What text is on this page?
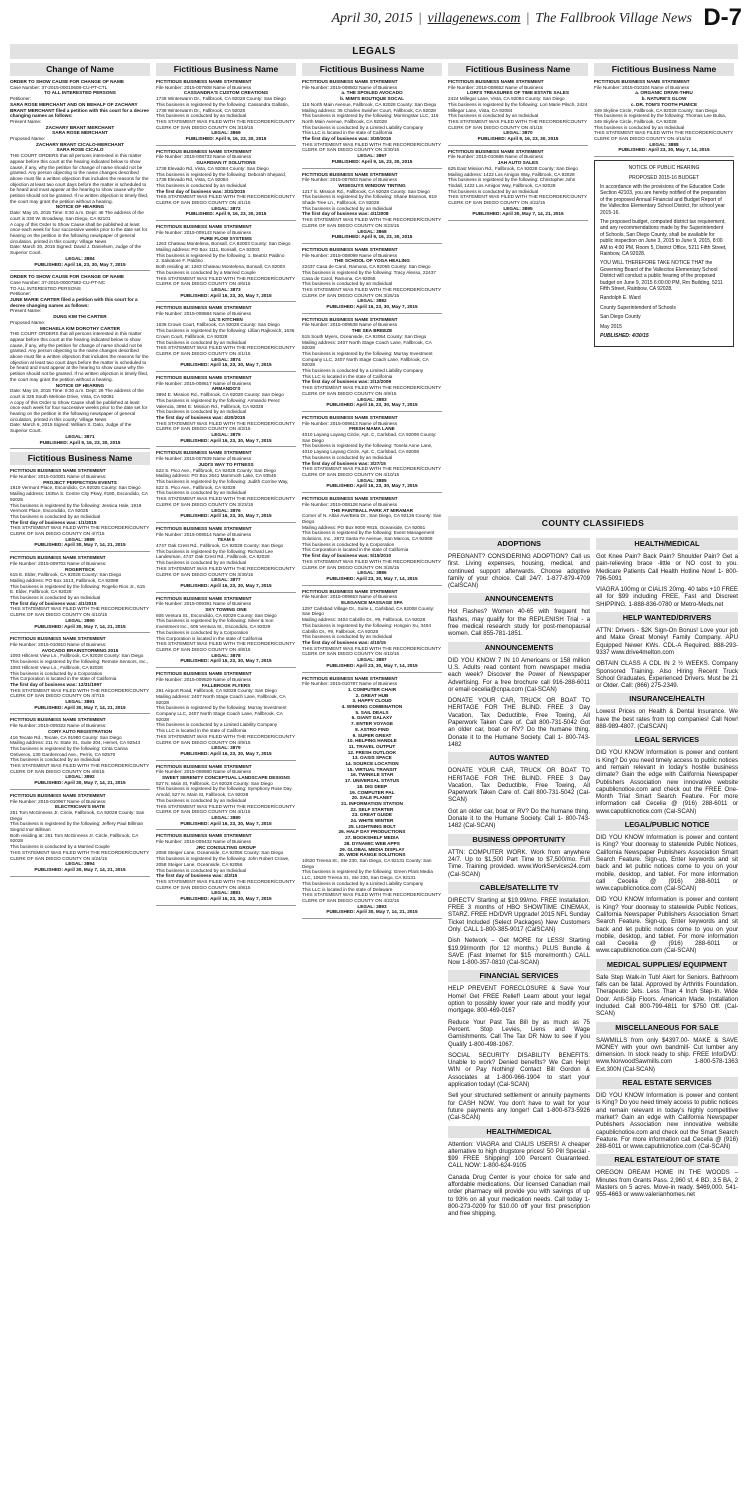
April 30, 2015 | villagenews.com | The Fallbrook Village News D-7
LEGALS
Change of Name

ORDER TO SHOW CAUSE FOR CHANGE OF NAME

Case Number: 37-2015-00010608-CU-PT-CTL

TO ALL INTERESTED PERSONS

Petitioner:

SARA ROSE MERCHANT AND ON BEHALF OF ZACHARY BRANT MERCHANT filed a petition with this court for a decree changing names as follows:

Present Name:

ZACHARY BRANT MERCHANT

SARA ROSE MERCHANT

Proposed Name:

ZACHARY BRANT CICALO-MERCHANT

SARA ROSE CICALO

THE COURT ORDERS that all persons interested in this matter appear before this court at the hearing indicated below to show cause, if any, why the petition for change of name should not be granted. Any person objecting to the name changes described above must file a written objection that includes the reasons for the objection at least two court days before the matter is scheduled to be heard and must appear at the hearing to show cause why the petition should not be granted. If no written objection is timely filed, the court may grant the petition without a hearing.

NOTICE OF HEARING

Date: May 15, 2015 Time: 8:30 a.m. Dept: 46 The address of the court is 330 W. Broadway, San Diego, CA 92101

A copy of this Order to Show Cause shall be published at least once each week for four successive weeks prior to the date set for hearing on the petition in the following newspaper of general circulation, printed in this county: Village News

Date: March 30, 2015 Signed: David J. Danielsen, Judge of the Superior Court.

LEGAL: 3884

PUBLISHED: April 16, 23, 30, May 7, 2015

ORDER TO SHOW CAUSE FOR CHANGE OF NAME

Case Number: 37-2015-00007582-CU-PT-NC

TO ALL INTERESTED PERSONS

Petitioner:

JUNE MARIE CARTER filed a petition with this court for a decree changing names as follows:

Present Name:

DUNG KIM THI CARTER

Proposed Name:

MICHAELA KIM DOROTHY CARTER

THE COURT ORDERS that all persons interested in this matter appear before this court at the hearing indicated below to show cause, if any, why the petition for change of name should not be granted. Any person objecting to the name changes described above must file a written objection that includes the reasons for the objection at least two court days before the matter is scheduled to be heard and must appear at the hearing to show cause why the petition should not be granted. If no written objection is timely filed, the court may grant the petition without a hearing.

NOTICE OF HEARING

Date: May 19, 2015 Time: 8:30 a.m. Dept: 26 The address of the court is 325 South Melrose Drive, Vista, CA 92081

A copy of this Order to Show Cause shall be published at least once each week for four successive weeks prior to the date set for hearing on the petition in the following newspaper of general circulation, printed in this county: Village News

Date: March 6, 2015 Signed: William S. Dato, Judge of the Superior Court.

LEGAL: 3871

PUBLISHED: April 9, 16, 23, 30, 2015

Fictitious Business Name

FICTITIOUS BUSINESS NAME STATEMENT

File Number: 2015-010001 Name of Business:

PROJECT PERFECTION EVENTS

1919 Vermont Place, Escondido, CA 92025 County: San Diego

Mailing address: 1835A S. Centre City Pkwy, #190, Escondido, CA 92025

This business is registered by the following: Jessica Hale, 1919 Vermont Place, Escondido, CA 92025

This business is conducted by an Individual

The first day of business was: 1/1/2015

THIS STATEMENT WAS FILED WITH THE RECORDER/COUNTY CLERK OF SAN DIEGO COUNTY ON 4/7/15

LEGAL: 3889

PUBLISHED: April 30, May 7, 14, 21, 2015

FICTITIOUS BUSINESS NAME STATEMENT

File Number: 2015-009702 Name of Business:

ROGERTECK

615 E. Elder, Fallbrook, CA 92028 County: San Diego

Mailing address: PO Box 1613, Fallbrook, CA 92088

This business is registered by the following: Rogelio Rios Jr., 615 E. Elder, Fallbrook, CA 92028

This business is conducted by an Individual

The first day of business was: 4/1/2015

THIS STATEMENT WAS FILED WITH THE RECORDER/COUNTY CLERK OF SAN DIEGO COUNTY ON 4/10/15

LEGAL: 3890

PUBLISHED: April 30, May 7, 14, 21, 2015

FICTITIOUS BUSINESS NAME STATEMENT

File Number: 2015-010910 Name of Business:

AVOCADO BRAINSTORMING 2015

1093 Hillcrest View Ln., Fallbrook, CA 92028 County: San Diego

This business is registered by the following: Remote Sensors, Inc., 1093 Hillcrest View Ln., Fallbrook, CA 92028

This business is conducted by a Corporation

This Corporation is located in the state of California

The first day of business was: 12/31/1997

THIS STATEMENT WAS FILED WITH THE RECORDER/COUNTY CLERK OF SAN DIEGO COUNTY ON 4/7/15

LEGAL: 3891

PUBLISHED: April 30, May 7, 14, 21, 2015

FICTITIOUS BUSINESS NAME STATEMENT

File Number: 2015-009322 Name of Business:

CORY AUTO REGISTRATION

416 Tecate Rd., Tecate, CA 91980 County: San Diego

Mailing address: 211 N. State St., Suite 204, Hemet, CA 92543

This business is registered by the following: Cinta Carina Ontiveros, 130 Gardenroad Ave., Perris, CA 92570

This business is conducted by an Individual

THIS STATEMENT WAS FILED WITH THE RECORDER/COUNTY CLERK OF SAN DIEGO COUNTY ON 4/8/15

LEGAL: 3892

PUBLISHED: April 30, May 7, 14, 21, 2015

FICTITIOUS BUSINESS NAME STATEMENT

File Number: 2015-010967 Name of Business:

ELECTRICIAN'S MATE

251 Tom McGinness Jr. Circle, Fallbrook, CA 92028 County: San Diego

This business is registered by the following: Jeffery Paul Billman

Siegrid Inor Billman

Both residing at: 251 Tom McGinness Jr. Circle, Fallbrook, CA 92028

This business is conducted by a Married Couple

THIS STATEMENT WAS FILED WITH THE RECORDER/COUNTY CLERK OF SAN DIEGO COUNTY ON 4/24/15

LEGAL: 3894

PUBLISHED: April 30, May 7, 14, 21, 2015

Fictitious Business Name

FICTITIOUS BUSINESS NAME STATEMENT

File Number: 2015-007608 Name of Business

CASSANDRA'S CUSTOM CREATIONS

1738 Winterwarm Dr., Fallbrook, CA 92028 County: San Diego

This business is registered by the following: Cassandra Gallatin, 1738 Winterwarm Dr., Fallbrook, CA 92028

This business is conducted by an Individual

THIS STATEMENT WAS FILED WITH THE RECORDER/COUNTY CLERK OF SAN DIEGO COUNTY ON 3/19/15

LEGAL: 3869

PUBLISHED: April 9, 16, 23, 30, 2015

FICTITIOUS BUSINESS NAME STATEMENT

File Number: 2015-008733 Name of Business

GUARDIAN IT SOLUTIONS

1738 Elevado Rd, Vista, CA 92084 County: San Diego

This business is registered by the following: Deborah Shepard, 1738 Elevado Rd, Vista, CA 92084

This business is conducted by an Individual

The first day of business was: 3/31/2015

THIS STATEMENT WAS FILED WITH THE RECORDER/COUNTY CLERK OF SAN DIEGO COUNTY ON 4/1/15

LEGAL: 3872

PUBLISHED: April 9, 16, 23, 30, 2015

FICTITIOUS BUSINESS NAME STATEMENT

File Number: 2015-009143 Name of Business

PURE FLOW SYSTEMS

1263 Chateau Montelena, Bonsall, CA 92003 County: San Diego

Mailing address: PO Box 1111, Bonsall, CA 92003

This business is registered by the following: 1. Beatriz Paldino

2. Salvatore F. Paldino

Both residing at: 1263 Chateau Montelena, Bonsall, CA 92003

This business is conducted by a Married Couple

THIS STATEMENT WAS FILED WITH THE RECORDER/COUNTY CLERK OF SAN DIEGO COUNTY ON 4/6/15

LEGAL: 3873

PUBLISHED: April 16, 23, 30, May 7, 2015

FICTITIOUS BUSINESS NAME STATEMENT

File Number: 2015-008684 Name of Business

LIL'S KITCHEN

1636 Crown Court, Fallbrook, CA 92028 County: San Diego

This business is registered by the following: Lillian Rajkovich, 1636 Crown Court, Fallbrook, CA 92028

This business is conducted by an Individual

THIS STATEMENT WAS FILED WITH THE RECORDER/COUNTY CLERK OF SAN DIEGO COUNTY ON 4/1/15

LEGAL: 3874

PUBLISHED: April 16, 23, 30, May 7, 2015

FICTITIOUS BUSINESS NAME STATEMENT

File Number: 2015-008617 Name of Business

ARMANDO'S

3894 E. Mission Rd., Fallbrook, CA 92028 County: San Diego

This business is registered by the following: Armando Perez Valencia, 3894 E. Mission Rd., Fallbrook, CA 92028

This business is conducted by an Individual

The first day of business was: 4/20/2015

THIS STATEMENT WAS FILED WITH THE RECORDER/COUNTY CLERK OF SAN DIEGO COUNTY ON 4/2/15

LEGAL: 3875

PUBLISHED: April 16, 23, 30, May 7, 2015

FICTITIOUS BUSINESS NAME STATEMENT

File Number: 2015-007839 Name of Business

JUDI'S WAY TO FITNESS

522 S. Pico Ave., Fallbrook, CA 92028 County: San Diego

Mailing address: PO Box 2641 Mammoth Lake, CA 93546

This business is registered by the following: Judith Corrine Way, 522 S. Pico Ave., Fallbrook, CA 92028

This business is conducted by an Individual

THIS STATEMENT WAS FILED WITH THE RECORDER/COUNTY CLERK OF SAN DIEGO COUNTY ON 3/23/15

LEGAL: 3876

PUBLISHED: April 16, 23, 30, May 7, 2015

FICTITIOUS BUSINESS NAME STATEMENT

File Number: 2015-008514 Name of Business

TEAM 5

4747 Oak Crest Rd., Fallbrook, CA 92028 County: San Diego

This business is registered by the following: Richard Lee Landesman, 4747 Oak Crest Rd., Fallbrook, CA 92028

This business is conducted by an Individual

THIS STATEMENT WAS FILED WITH THE RECORDER/COUNTY CLERK OF SAN DIEGO COUNTY ON 3/30/15

LEGAL: 3877

PUBLISHED: April 16, 23, 30, May 7, 2015

FICTITIOUS BUSINESS NAME STATEMENT

File Number: 2015-009391 Name of Business

SKY TOWING ONE

605 Ventura St., Escondido, CA 92029 County: San Diego

This business is registered by the following: Silver & Son Investment Inc., 605 Ventura St., Escondido, CA 92029

This business is conducted by a Corporation

This Corporation is located in the state of California

THIS STATEMENT WAS FILED WITH THE RECORDER/COUNTY CLERK OF SAN DIEGO COUNTY ON 4/8/15

LEGAL: 3878

PUBLISHED: April 16, 23, 30, May 7, 2015

FICTITIOUS BUSINESS NAME STATEMENT

File Number: 2015-009529 Name of Business

FALLBROOK FLYERS

291 Airport Road, Fallbrook, CA 92028 County: San Diego

Mailing address: 2407 North Stage Coach Lane, Fallbrook, CA 92028

This business is registered by the following: Murray Investment Company LLC, 2407 North Stage Coach Lane, Fallbrook, CA 92028

This business is conducted by a Limited Liability Company

This LLC is located in the state of California

THIS STATEMENT WAS FILED WITH THE RECORDER/COUNTY CLERK OF SAN DIEGO COUNTY ON 4/9/15

LEGAL: 3879

PUBLISHED: April 16, 23, 30, May 7, 2015

FICTITIOUS BUSINESS NAME STATEMENT

File Number: 2015-008680 Name of Business

SWEET SERENITY CONCEPTUAL LANDSCAPE DESIGNS

527 N. Main St, Fallbrook, CA 92028 County: San Diego

This business is registered by the following: Symphony Rose Day Arnold, 527 N. Main St, Fallbrook, CA 92028

This business is conducted by an Individual

THIS STATEMENT WAS FILED WITH THE RECORDER/COUNTY CLERK OF SAN DIEGO COUNTY ON 4/1/15

LEGAL: 3880

PUBLISHED: April 16, 23, 30, May 7, 2015

FICTITIOUS BUSINESS NAME STATEMENT

File Number: 2015-009432 Name of Business

JRC CONSULTING GROUP

2058 Steiger Lane, Oceanside, CA 92056 County: San Diego

This business is registered by the following: John Robert Crowe, 2058 Steiger Lane, Oceanside, CA 92056

This business is conducted by an Individual

The first day of business was: 4/3/15

THIS STATEMENT WAS FILED WITH THE RECORDER/COUNTY CLERK OF SAN DIEGO COUNTY ON 4/8/15

LEGAL: 3881

PUBLISHED: April 16, 23, 30, May 7, 2015

Fictitious Business Name

FICTITIOUS BUSINESS NAME STATEMENT

File Number: 2015-008502 Name of Business

a. THE SPOILED AVOCADO

b. MIMI'S BOUTIQUE SOCAL

116 North Main Avenue, Fallbrook, CA 92028 County: San Diego

Mailing address: 35 Charles Swisher Court, Fallbrook, CA 92028

This business is registered by the following: Morningstar LLC, 116 North Main Avenue, Fallbrook, CA 92028

This business is conducted by a Limited Liability Company

This LLC is located in the state of California

The first day of business was: 3/30/2015

THIS STATEMENT WAS FILED WITH THE RECORDER/COUNTY CLERK OF SAN DIEGO COUNTY ON 3/30/15

LEGAL: 3867

PUBLISHED: April 9, 16, 23, 30, 2015

FICTITIOUS BUSINESS NAME STATEMENT

File Number: 2015-007603 Name of Business

WISEGUYS WINDOW TINTING

1217 S. Mission Rd., Fallbrook, CA 92028 County: San Diego

This business is registered by the following: Shane Brannon, 819 Shade Tree Ln., Fallbrook, CA 92028

This business is conducted by an Individual

The first day of business was: 4/1/2008

THIS STATEMENT WAS FILED WITH THE RECORDER/COUNTY CLERK OF SAN DIEGO COUNTY ON 3/23/15

LEGAL: 3868

PUBLISHED: April 9, 16, 23, 30, 2015

FICTITIOUS BUSINESS NAME STATEMENT

File Number: 2015-008099 Name of Business

THE SCHOOL OF YOGA HEALING

22437 Casa de Carol, Ramona, CA 92065 County: San Diego

This business is registered by the following: Tracy Alesso, 22437 Casa de Carol, Ramona, CA 92065

This business is conducted by an Individual

THIS STATEMENT WAS FILED WITH THE RECORDER/COUNTY CLERK OF SAN DIEGO COUNTY ON 3/25/15

LEGAL: 3882

PUBLISHED: April 16, 23, 30, May 7, 2015

FICTITIOUS BUSINESS NAME STATEMENT

File Number: 2015-009538 Name of Business

THE SEA BREEZE

515 South Myers, Oceanside, CA 92054 County: San Diego

Mailing address: 2407 North Stage Coach Lane, Fallbrook, CA 92028

This business is registered by the following: Murray Investment Company LLC, 2407 North Stage Coach Lane, Fallbrook, CA 92028

This business is conducted by a Limited Liability Company

This LLC is located in the state of California

The first day of business was: 2/12/2009

THIS STATEMENT WAS FILED WITH THE RECORDER/COUNTY CLERK OF SAN DIEGO COUNTY ON 4/9/15

LEGAL: 3883

PUBLISHED: April 16, 23, 30, May 7, 2015

FICTITIOUS BUSINESS NAME STATEMENT

File Number: 2015-009613 Name of Business

FRESH MAMA LANE

4010 Layang Layang Circle, Apt. C, Carlsbad, CA 92008 County: San Diego

This business is registered by the following: Tonela Anne Lane, 4010 Layang Layang Circle, Apt. C, Carlsbad, CA 92008

This business is conducted by an Individual

The first day of business was: 3/27/15

THIS STATEMENT WAS FILED WITH THE RECORDER/COUNTY CLERK OF SAN DIEGO COUNTY ON 4/10/15

LEGAL: 3885

PUBLISHED: April 16, 23, 30, May 7, 2015

FICTITIOUS BUSINESS NAME STATEMENT

File Number: 2015-008128 Name of Business

THE PAINTBALL PARK AT MIRAMAR

Corner of N. Altair Ave/Beta Dr., San Diego, CA 92126 County: San Diego

Mailing address: PO Box 9000 #815, Oceanside, CA 92051

This business is registered by the following: Event Management Solutions, Inc., 2872 Santa Fe Avenue, San Marcos, CA 92069

This business is conducted by a Corporation

This Corporation is located in the state of California

The first day of business was: 5/15/2010

THIS STATEMENT WAS FILED WITH THE RECORDER/COUNTY CLERK OF SAN DIEGO COUNTY ON 3/25/15

LEGAL: 3886

PUBLISHED: April 23, 30, May 7, 14, 2015

FICTITIOUS BUSINESS NAME STATEMENT

File Number: 2015-009653 Name of Business

ELEGANCE MASSAGE SPA

1297 Carlsbad Village Dr., Suite L, Carlsbad, CA 92008 County: San Diego

Mailing address: 3404 Cabrillo Dr., #9, Fallbrook, CA 92028

This business is registered by the following: Hongxin Xu, 3404 Cabrillo Dr., #9, Fallbrook, CA 92028

This business is conducted by an Individual

The first day of business was: 4/10/15

THIS STATEMENT WAS FILED WITH THE RECORDER/COUNTY CLERK OF SAN DIEGO COUNTY ON 4/10/15

LEGAL: 3887

PUBLISHED: April 23, 30, May 7, 14, 2015

FICTITIOUS BUSINESS NAME STATEMENT

File Number: 2015-010787 Name of Business

1. COMPUTER CHAIR

2. GREAT HUB

3. HAPPY CLOUD

4. WINNING COMBINATION

5. SAIL DEALS

6. GIANT GALAXY

7. ENTER VOYAGE

8. ASTRO FIND

9. SUPER GREAT

10. HELPING HANDLE

11. TRAVEL OUTPUT

12. FRESH OUTLOOK

13. OASIS SPACE

14. SOURCE LOCATION

15. VIRTUAL TRANSIT

16. TWINKLE STAR

17. UNIVERSAL STATUS

18. DIG DEEP

19. COMPUTER PAL

20. SALE PLANET

21. INFORMATION STATION

22. SELF STARTER

23. GREAT GUIDE

24. WHITE WINTER

25. LIGHTNING BOLT

26. HALF DAY PRODUCTIONS

27. BOOKSHELF MEDIA

28. DYNAMIC WEB APPS

29. GLOBAL MEDIA DISPLAY

30. WIDE RANGE SOLUTIONS

10620 Treena St., Ste 230, San Diego, CA 92131 County: San Diego

This business is registered by the following: Green Plant Media LLC, 10620 Treena St., Ste 230, San Diego, CA 92131

This business is conducted by a Limited Liability Company

This LLC is located in the state of Delaware

THIS STATEMENT WAS FILED WITH THE RECORDER/COUNTY CLERK OF SAN DIEGO COUNTY ON 4/22/15

LEGAL: 3893

PUBLISHED: April 30, May 7, 14, 21, 2015

Fictitious Business Name

FICTITIOUS BUSINESS NAME STATEMENT

File Number: 2015-008652 Name of Business

LORI'S TREASURES OF TIME ESTATE SALES

2424 Millegar Lane, Vista, CA 92084 County: San Diego

This business is registered by the following: Lori Marie Pilsch, 2424 Millegar Lane, Vista, CA 92084

This business is conducted by an Individual

THIS STATEMENT WAS FILED WITH THE RECORDER/COUNTY CLERK OF SAN DIEGO COUNTY ON 4/1/15

LEGAL: 3870

PUBLISHED: April 9, 16, 23, 30, 2015

FICTITIOUS BUSINESS NAME STATEMENT

File Number: 2015-010686 Name of Business

JAH AUTO SALES

625 East Mission Rd., Fallbrook, CA 92028 County: San Diego

Mailing address: 1422 Los Amigos Way, Fallbrook, CA 92028

This business is registered by the following: Christopher John Tindall, 1422 Los Amigos Way, Fallbrook, CA 92028

This business is conducted by an Individual

THIS STATEMENT WAS FILED WITH THE RECORDER/COUNTY CLERK OF SAN DIEGO COUNTY ON 4/22/15

LEGAL: 3895

PUBLISHED: April 30, May 7, 14, 21, 2015

Fictitious Business Name

FICTITIOUS BUSINESS NAME STATEMENT

File Number: 2015-010104 Name of Business

a. ORGANIC DRIVE-THRU

b. NATURE'S GLOW

c. DR. TOM'S TOOTH PUMICE

349 Skyline Circle, Fallbrook, CA 92028 County: San Diego

This business is registered by the following: Thomas Lee Bulsa, 349 Skyline Circle, Fallbrook, CA 92028

This business is conducted by an Individual

THIS STATEMENT WAS FILED WITH THE RECORDER/COUNTY CLERK OF SAN DIEGO COUNTY ON 4/16/15

LEGAL: 3888

PUBLISHED: April 23, 30, May 7, 14, 2015

NOTICE OF PUBLIC HEARING

PROPOSED 2015-16 BUDGET

In accordance with the provisions of the Education Code Section 42103, you are hereby notified of the preparation of the proposed Annual Financial and Budget Report of the Vallecitos Elementary School District, for school year 2015-16.

The proposed budget, computed district tax requirement, and any recommendations made by the Superintendent of Schools, San Diego County, shall be available for public inspection on June 3, 2015 to June 9, 2015, 8:00 AM to 4:00 PM, Room 5, District Office, 5211 Fifth Street, Rainbow, CA 92028.

YOU WILL THEREFORE TAKE NOTICE THAT the Governing Board of the Vallecitos Elementary School District will conduct a public hearing of the proposed budget on June 9, 2015 6:00:00 PM, Rm Building, 5211 Fifth Street, Rainbow, CA 92028.

Randolph E. Ward

County Superintendent of Schools

San Diego County

May 2015

PUBLISHED: 4/30/15

COUNTY CLASSIFIEDS
ADOPTIONS

PREGNANT? CONSIDERING ADOPTION? Call us first. Living expenses, housing, medical, and continued support afterwards. Choose adoptive family of your choice. Call 24/7. 1-877-879-4709 (CalSCAN)

ANNOUNCEMENTS

Hot Flashes? Women 40-65 with frequent hot flashes, may qualify for the REPLENISH Trial - a free medical research study for post-menopausal women. Call 855-781-1851.

ANNOUNCEMENTS

DID YOU KNOW 7 IN 10 Americans or 158 million U.S. Adults read content from newspaper media each week? Discover the Power of Newspaper Advertising. For a free brochure call 916-288-6011 or email cecelia@cnpa.com (Cal-SCAN)

DONATE YOUR CAR, TRUCK OR BOAT TO HERITAGE FOR THE BLIND. FREE 3 Day Vacation, Tax Deductible, Free Towing, All Paperwork Taken Care of. Call 800-731-5042 Got an older car, boat or RV? Do the humane thing. Donate it to the Humane Society. Call 1- 800-743-1482

AUTOS WANTED

DONATE YOUR CAR, TRUCK OR BOAT TO HERITAGE FOR THE BLIND. FREE 3 Day Vacation, Tax Deductible, Free Towing, All Paperwork Taken Care of. Call 800-731-5042 (Cal-SCAN)

Got an older car, boat or RV? Do the humane thing. Donate it to the Humane Society. Call 1- 800-743-1482 (Cal-SCAN)

BUSINESS OPPORTUNITY

ATTN: COMPUTER WORK. Work from anywhere 24/7. Up to $1,500 Part Time to $7,500/mo. Full Time. Training provided. www.WorkServices24.com (Cal-SCAN)

CABLE/SATELLITE TV

DIRECTV Starting at $19.99/mo. FREE Installation. FREE 3 months of HBO SHOWTIME CINEMAX, STARZ. FREE HD/DVR Upgrade! 2015 NFL Sunday Ticket Included (Select Packages) New Customers Only. CALL 1-800-385-9017 (CalSCAN)

Dish Network – Get MORE for LESS! Starting $19.99/month (for 12 months.) PLUS Bundle & SAVE (Fast Internet for $15 more/month.) CALL Now 1-800-357-0810 (Cal-SCAN)

FINANCIAL SERVICES

HELP PREVENT FORECLOSURE & Save Your Home! Get FREE Relief! Learn about your legal option to possibly lower your rate and modify your mortgage. 800-469-0167

Reduce Your Past Tax Bill by as much as 75 Percent. Stop Levies, Liens and Wage Garnishments. Call The Tax DR Now to see if you Qualify 1-800-498-1067.

SOCIAL SECURITY DISABILITY BENEFITS. Unable to work? Denied benefits? We Can Help! WIN or Pay Nothing! Contact Bill Gordon & Associates at 1-800-966-1904 to start your application today! (Cal-SCAN)

Sell your structured settlement or annuity payments for CASH NOW. You don't have to wait for your future payments any longer! Call 1-800-673-5926 (Cal-SCAN)

HEALTH/MEDICAL

Attention: VIAGRA and CIALIS USERS! A cheaper alternative to high drugstore prices! 50 Pill Special - $99 FREE Shipping! 100 Percent Guaranteed. CALL NOW: 1-800-624-9105

Canada Drug Center is your choice for safe and affordable medications. Our licensed Canadian mail order pharmacy will provide you with savings of up to 93% on all your medication needs. Call today 1-800-273-0209 for $10.00 off your first prescription and free shipping.

HEALTH/MEDICAL

Got Knee Pain? Back Pain? Shoulder Pain? Get a pain-relieving brace -little or NO cost to you. Medicare Patients Call Health Hotline Now! 1- 800-796-5091

VIAGRA 100mg or CIALIS 20mg. 40 tabs +10 FREE all for $99 including FREE, Fast and Discreet SHIPPING. 1-888-836-0780 or Metro-Meds.net

HELP WANTED/DRIVERS

ATTN: Drivers - $2K Sign-On Bonus! Love your job and Make Great Money! Family Company. APU Equipped Newer KWs. CDL-A Required. 888-293-9337 www.drive4melton.com

OBTAIN CLASS A CDL IN 2 ½ WEEKS. Company Sponsored Training. Also Hiring Recent Truck School Graduates, Experienced Drivers. Must be 21 or Older. Call: (866) 275-2349.

INSURANCE/HEALTH

Lowest Prices on Health & Dental Insurance. We have the best rates from top companies! Call Now! 888-989-4807. (CalSCAN)

LEGAL SERVICES

DID YOU KNOW Information is power and content is King? Do you need timely access to public notices and remain relevant in today's hostile business climate? Gain the edge with California Newspaper Publishers Association new innovative website capublicnotice.com and check out the FREE One-Month Trial Smart Search Feature. For more information call Cecelia @ (916) 288-6011 or www.capublicnotice.com (Cal-SCAN)

LEGAL/PUBLIC NOTICE

DID YOU KNOW Information is power and content is King? Your doorway to statewide Public Notices, California Newspaper Publishers Association Smart Search Feature. Sign-up, Enter keywords and sit back and let public notices come to you on your mobile, desktop, and tablet. For more information call Cecelia @ (916) 288-6011 or www.capublicnotice.com (Cal-SCAN)

DID YOU KNOW Information is power and content is King? Your doorway to statewide Public Notices, California Newspaper Publishers Association Smart Search Feature. Sign-up, Enter keywords and sit back and let public notices come to you on your mobile, desktop, and tablet. For more information call Cecelia @ (916) 288-6011 or www.capublicnotice.com (Cal-SCAN)

MEDICAL SUPPLIES/ EQUIPMENT

Safe Step Walk-In Tub! Alert for Seniors. Bathroom falls can be fatal. Approved by Arthritis Foundation. Therapeutic Jets. Less Than 4 Inch Step-In. Wide Door. Anti-Slip Floors. American Made. Installation Included. Call 800-799-4811 for $750 Off. (Cal-SCAN)

MISCELLANEOUS FOR SALE

SAWMILLS from only $4397.00- MAKE & SAVE MONEY with your own bandmill- Cut lumber any dimension. In stock ready to ship. FREE Info/DVD: www.NorwoodSawmills.com 1-800-578-1363 Ext.300N (Cal-SCAN)

REAL ESTATE SERVICES

DID YOU KNOW Information is power and content is King? Do you need timely access to public notices and remain relevant in today's highly competitive market? Gain an edge with California Newspaper Publishers Association new innovative website capublicnotice.com and check out the Smart Search Feature. For more information call Cecelia @ (916) 288-6011 or www.capublicnotice.com (Cal-SCAN)

REAL ESTATE/OUT OF STATE

OREGON DREAM HOME IN THE WOODS – Minutes from Grants Pass. 2,960 sf, 4 BD, 3.5 BA, 2 Masters on 5 acres. Move-in ready. $469,000. 541-955-4663 or www.valerianhomes.net
